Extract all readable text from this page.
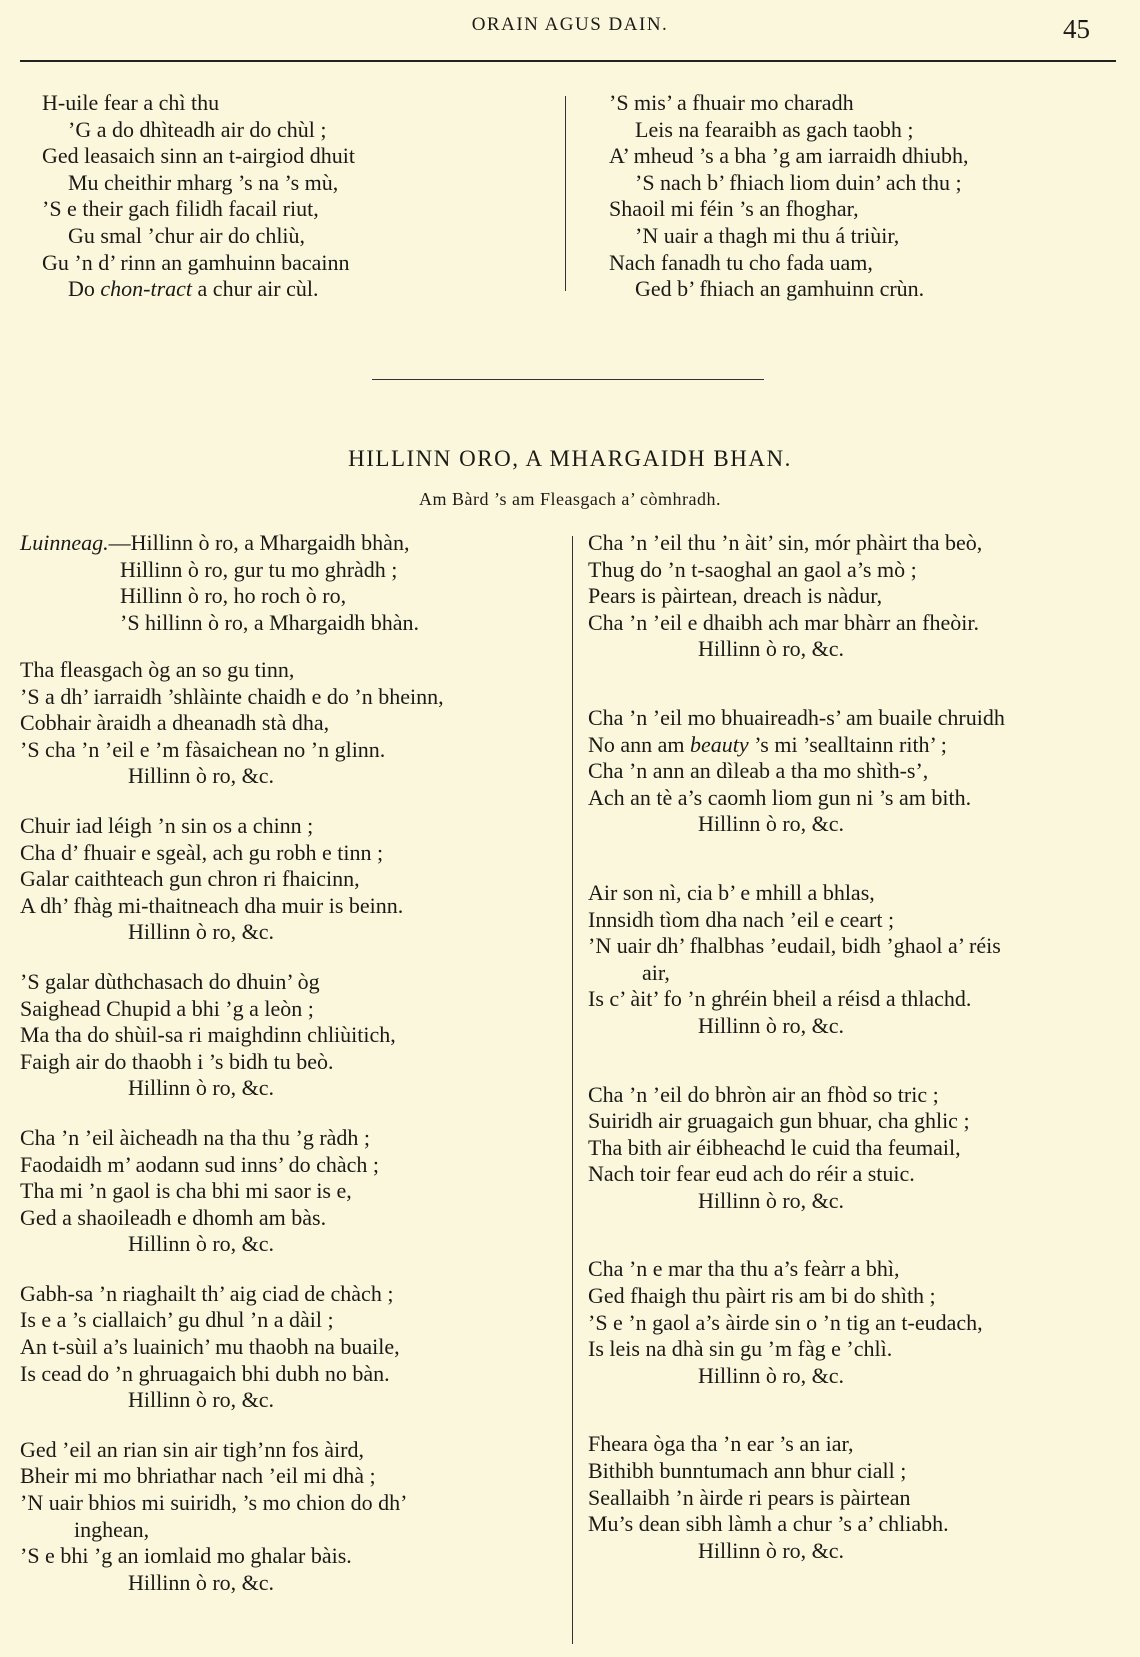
ORAIN AGUS DAIN.	45
H-uile fear a chì thu
’G a do dhìteadh air do chùl ;
Ged leasaich sinn an t-airgiod dhuit
Mu cheithir mharg ’s na ’s mù,
’S e their gach filidh facail riut,
Gu smal ’chur air do chliù,
Gu ’n d’ rinn an gamhuinn bacainn
Do chon-tract a chur air cùl.
’S mis’ a fhuair mo charadh
Leis na fearaibh as gach taobh ;
A’ mheud ’s a bha ’g am iarraidh dhiubh,
’S nach b’ fhiach liom duin’ ach thu ;
Shaoil mi féin ’s an fhoghar,
’N uair a thagh mi thu á triùir,
Nach fanadh tu cho fada uam,
Ged b’ fhiach an gamhuinn crùn.
HILLINN ORO, A MHARGAIDH BHAN.
Am Bàrd ’s am Fleasgach a’ còmhradh.
Luinneag.—Hillinn ò ro, a Mhargaidh bhàn,
Hillinn ò ro, gur tu mo ghràdh ;
Hillinn ò ro, ho roch ò ro,
’S hillinn ò ro, a Mhargaidh bhàn.
Tha fleasgach òg an so gu tinn,
’S a dh’ iarraidh ’shlàinte chaidh e do ’n bheinn,
Cobhair àraidh a dheanadh stà dha,
’S cha ’n ’eil e ’m fàsaichean no ’n glinn.
Hillinn ò ro, &c.
Chuir iad léigh ’n sin os a chinn ;
Cha d’ fhuair e sgeàl, ach gu robh e tinn ;
Galar caithteach gun chron ri fhaicinn,
A dh’ fhàg mi-thaitneach dha muir is beinn.
Hillinn ò ro, &c.
’S galar dùthchasach do dhuin’ òg
Saighead Chupid a bhi ’g a leòn ;
Ma tha do shùil-sa ri maighdinn chliùitich,
Faigh air do thaobh i ’s bidh tu beò.
Hillinn ò ro, &c.
Cha ’n ’eil àicheadh na tha thu ’g ràdh ;
Faodaidh m’ aodann sud inns’ do chàch ;
Tha mi ’n gaol is cha bhi mi saor is e,
Ged a shaoileadh e dhomh am bàs.
Hillinn ò ro, &c.
Gabh-sa ’n riaghailt th’ aig ciad de chàch ;
Is e a ’s ciallaich’ gu dhul ’n a dàil ;
An t-sùil a’s luainich’ mu thaobh na buaile,
Is cead do ’n ghruagaich bhi dubh no bàn.
Hillinn ò ro, &c.
Ged ’eil an rian sin air tigh’nn fos àird,
Bheir mi mo bhriathar nach ’eil mi dhà ;
’N uair bhios mi suiridh, ’s mo chion do dh’
inghean,
’S e bhi ’g an iomlaid mo ghalar bàis.
Hillinn ò ro, &c.
Cha ’n ’eil thu ’n àit’ sin, mór phàirt tha beò,
Thug do ’n t-saoghal an gaol a’s mò ;
Pears is pàirtean, dreach is nàdur,
Cha ’n ’eil e dhaibh ach mar bhàrr an fheòir.
Hillinn ò ro, &c.
Cha ’n ’eil mo bhuaireadh-s’ am buaile chruidh
No ann am beauty ’s mi ’sealltainn rith’ ;
Cha ’n ann an dìleab a tha mo shìth-s’,
Ach an tè a’s caomh liom gun ni ’s am bith.
Hillinn ò ro, &c.
Air son nì, cia b’ e mhill a bhlas,
Innsidh tìom dha nach ’eil e ceart ;
’N uair dh’ fhalbhas ’eudail, bidh ’ghaol a’ réis
air,
Is c’ àit’ fo ’n ghréin bheil a réisd a thlachd.
Hillinn ò ro, &c.
Cha ’n ’eil do bhròn air an fhòd so tric ;
Suiridh air gruagaich gun bhuar, cha ghlic ;
Tha bith air éibheachd le cuid tha feumail,
Nach toir fear eud ach do réir a stuic.
Hillinn ò ro, &c.
Cha ’n e mar tha thu a’s feàrr a bhì,
Ged fhaigh thu pàirt ris am bi do shìth ;
’S e ’n gaol a’s àirde sin o ’n tig an t-eudach,
Is leis na dhà sin gu ’m fàg e ’chlì.
Hillinn ò ro, &c.
Fheara òga tha ’n ear ’s an iar,
Bithibh bunntumach ann bhur ciall ;
Seallaibh ’n àirde ri pears is pàirtean
Mu’s dean sibh làmh a chur ’s a’ chliabh.
Hillinn ò ro, &c.
